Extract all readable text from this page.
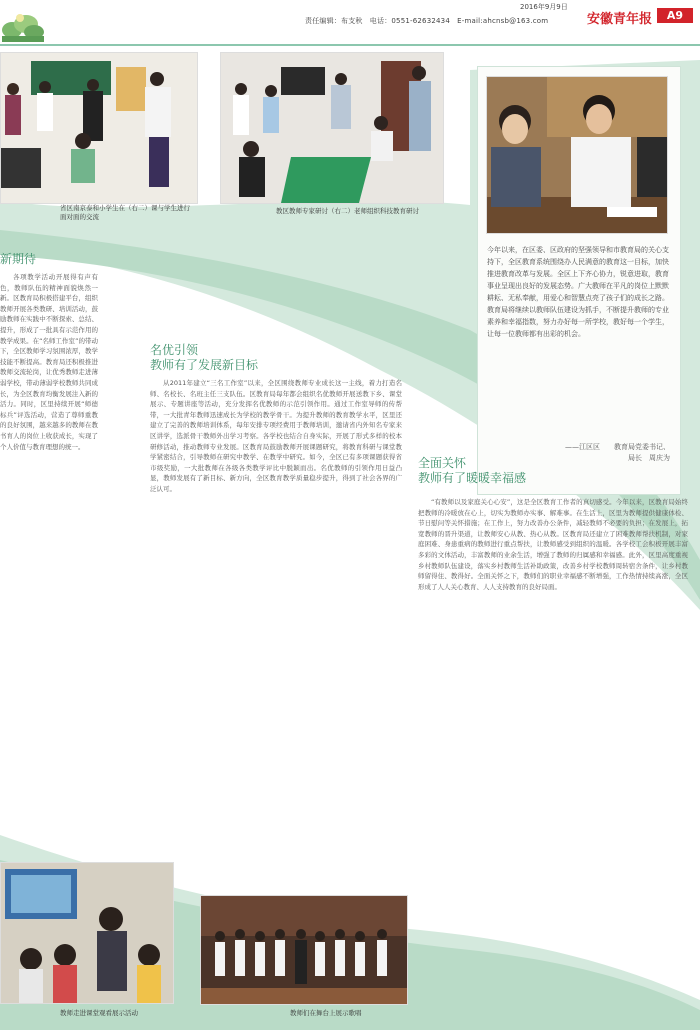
2016年9月9日
责任编辑：布支秋　电话：0551-62632434　E-mail:ahcnsb@163.com	安徽青年报	A9
省区南京泰和小学生在（右二）课与学生进行面对面的交流
教区教师专家研讨（右二）老师组织科技教育研讨
今年以来，在区委、区政府的坚强领导和市教育局的关心支持下，全区教育系统围绕办人民满意的教育这一目标，加快推进教育改革与发展。全区上下齐心协力，锐意进取，教育事业呈现出良好的发展态势。广大教师在平凡的岗位上默默耕耘、无私奉献，用爱心和智慧点亮了孩子们的成长之路。教育局将继续以教师队伍建设为抓手，不断提升教师的专业素养和幸福指数，努力办好每一所学校，教好每一个学生，让每一位教师都有出彩的机会。
——江区区　　教育局党委书记、局长　周庆为
新期待
名优引领
教师有了发展新目标
全面关怀
教师有了暖暖幸福感

各项教学活动开展得有声有色，教师队伍的精神面貌焕然一新。区教育局积极搭建平台，组织教师开展各类教研、培训活动，鼓励教师在实践中不断探索、总结、提升，形成了一批具有示范作用的教学成果。在“名师工作室”的带动下，全区教师学习氛围浓厚，教学技能不断提高。教育局还积极推进教师交流轮岗，让优秀教师走进薄弱学校，带动薄弱学校教师共同成长，为全区教育均衡发展注入新的活力。同时，区里持续开展“师德标兵”评选活动，营造了尊师重教的良好氛围，越来越多的教师在教书育人的岗位上收获成长，实现了个人价值与教育理想的统一。

从2011年建立“三名工作室”以来，全区围绕教师专业成长这一主线，着力打造名师、名校长、名班主任三支队伍。区教育局每年都会组织名优教师开展送教下乡、课堂展示、专题讲座等活动，充分发挥名优教师的示范引领作用。通过工作室导师的传帮带，一大批青年教师迅速成长为学校的教学骨干。为提升教师的教育教学水平，区里还建立了完善的教师培训体系，每年安排专项经费用于教师培训，邀请省内外知名专家来区讲学，选派骨干教师外出学习考察。各学校也结合自身实际，开展了形式多样的校本研修活动，推动教师专业发展。区教育局鼓励教师开展课题研究，将教育科研与课堂教学紧密结合，引导教师在研究中教学、在教学中研究。如今，全区已有多项课题获得省市级奖励，一大批教师在各级各类教学评比中脱颖而出。名优教师的引领作用日益凸显，教师发展有了新目标、新方向，全区教育教学质量稳步提升，得到了社会各界的广泛认可。

“有教师以及家庭关心心安”，这是全区教育工作者的真切感受。今年以来，区教育局始终把教师的冷暖放在心上，切实为教师办实事、解难事。在生活上，区里为教师提供健康体检、节日慰问等关怀措施；在工作上，努力改善办公条件，减轻教师不必要的负担；在发展上，拓宽教师的晋升渠道，让教师安心从教、热心从教。区教育局还建立了困难教师帮扶机制，对家庭困难、身患重病的教师进行重点帮扶，让教师感受到组织的温暖。各学校工会积极开展丰富多彩的文体活动，丰富教师的业余生活，增强了教师的归属感和幸福感。此外，区里高度重视乡村教师队伍建设，落实乡村教师生活补助政策，改善乡村学校教师周转宿舍条件，让乡村教师留得住、教得好。全面关怀之下，教师们的职业幸福感不断增强，工作热情持续高涨，全区形成了人人关心教育、人人支持教育的良好局面。

教师走进课堂观看展示活动	教师们在舞台上展示歌唱
